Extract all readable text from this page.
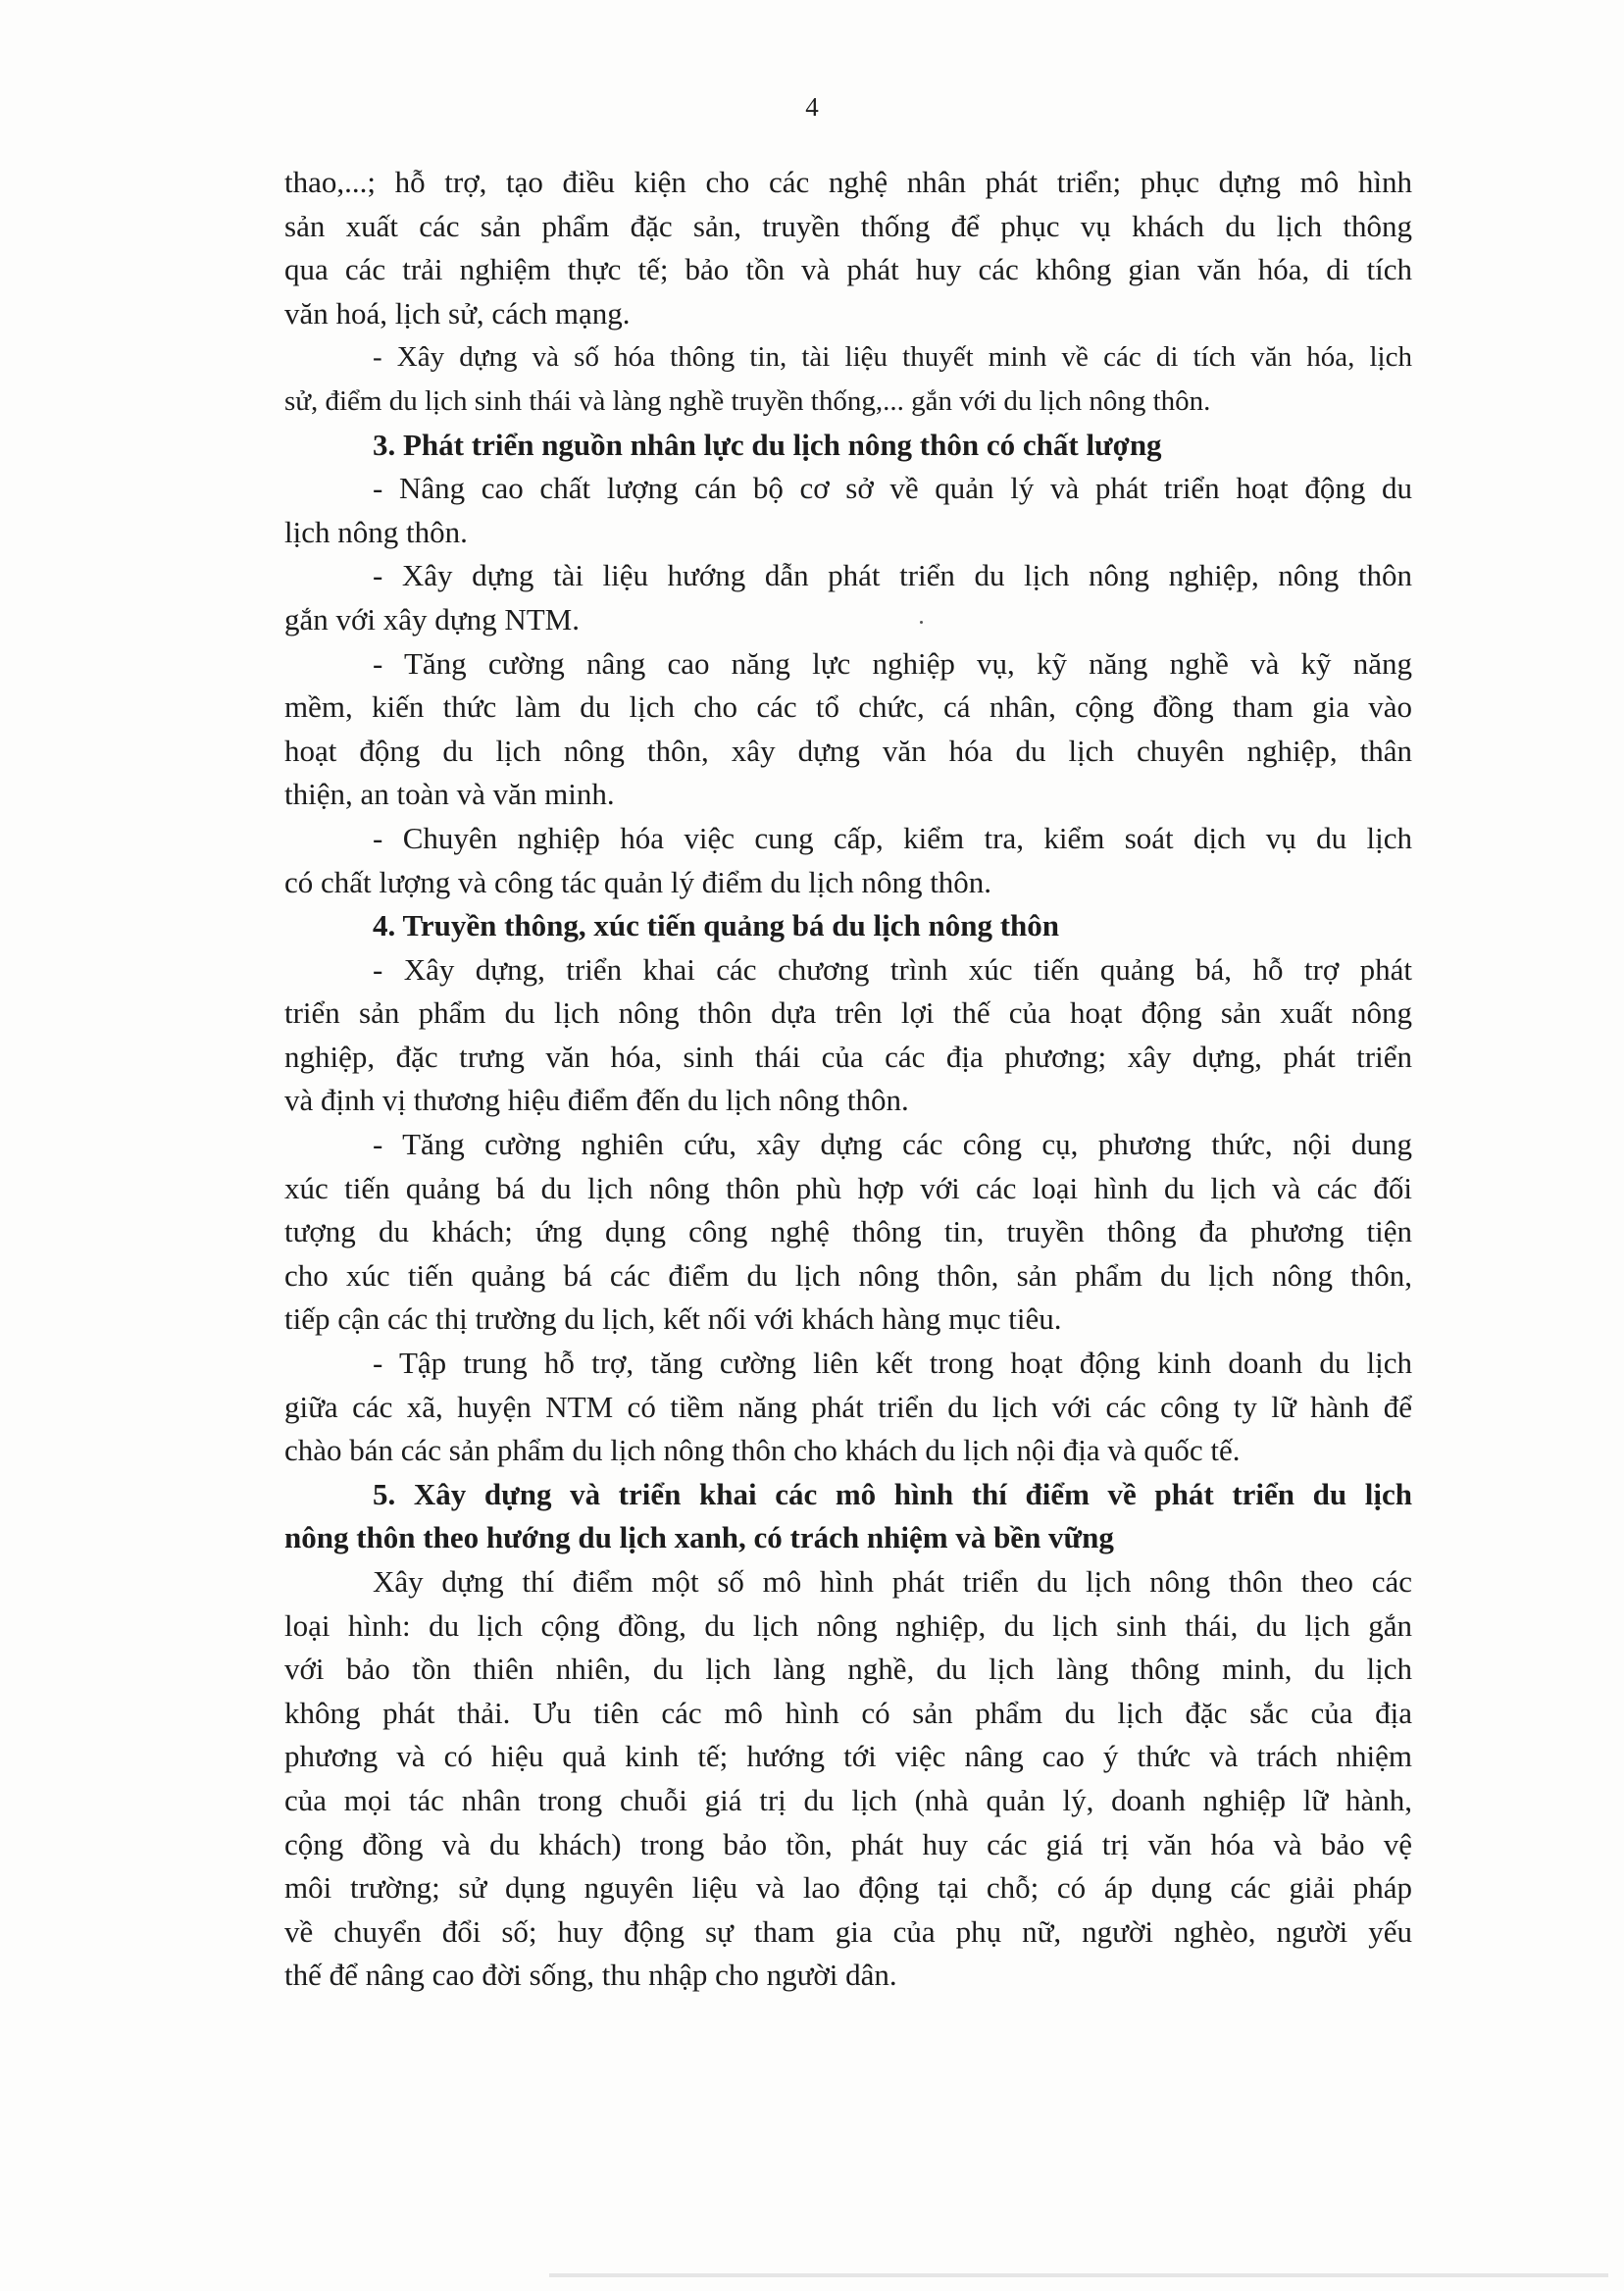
4
thao,...; hỗ trợ, tạo điều kiện cho các nghệ nhân phát triển; phục dựng mô hình
sản xuất các sản phẩm đặc sản, truyền thống để phục vụ khách du lịch thông
qua các trải nghiệm thực tế; bảo tồn và phát huy các không gian văn hóa, di tích
văn hoá, lịch sử, cách mạng.
- Xây dựng và số hóa thông tin, tài liệu thuyết minh về các di tích văn hóa, lịch
sử, điểm du lịch sinh thái và làng nghề truyền thống,... gắn với du lịch nông thôn.
3. Phát triển nguồn nhân lực du lịch nông thôn có chất lượng
- Nâng cao chất lượng cán bộ cơ sở về quản lý và phát triển hoạt động du
lịch nông thôn.
- Xây dựng tài liệu hướng dẫn phát triển du lịch nông nghiệp, nông thôn
gắn với xây dựng NTM.
- Tăng cường nâng cao năng lực nghiệp vụ, kỹ năng nghề và kỹ năng
mềm, kiến thức làm du lịch cho các tổ chức, cá nhân, cộng đồng tham gia vào
hoạt động du lịch nông thôn, xây dựng văn hóa du lịch chuyên nghiệp, thân
thiện, an toàn và văn minh.
- Chuyên nghiệp hóa việc cung cấp, kiểm tra, kiểm soát dịch vụ du lịch
có chất lượng và công tác quản lý điểm du lịch nông thôn.
4. Truyền thông, xúc tiến quảng bá du lịch nông thôn
- Xây dựng, triển khai các chương trình xúc tiến quảng bá, hỗ trợ phát
triển sản phẩm du lịch nông thôn dựa trên lợi thế của hoạt động sản xuất nông
nghiệp, đặc trưng văn hóa, sinh thái của các địa phương; xây dựng, phát triển
và định vị thương hiệu điểm đến du lịch nông thôn.
- Tăng cường nghiên cứu, xây dựng các công cụ, phương thức, nội dung
xúc tiến quảng bá du lịch nông thôn phù hợp với các loại hình du lịch và các đối
tượng du khách; ứng dụng công nghệ thông tin, truyền thông đa phương tiện
cho xúc tiến quảng bá các điểm du lịch nông thôn, sản phẩm du lịch nông thôn,
tiếp cận các thị trường du lịch, kết nối với khách hàng mục tiêu.
- Tập trung hỗ trợ, tăng cường liên kết trong hoạt động kinh doanh du lịch
giữa các xã, huyện NTM có tiềm năng phát triển du lịch với các công ty lữ hành để
chào bán các sản phẩm du lịch nông thôn cho khách du lịch nội địa và quốc tế.
5. Xây dựng và triển khai các mô hình thí điểm về phát triển du lịch
nông thôn theo hướng du lịch xanh, có trách nhiệm và bền vững
Xây dựng thí điểm một số mô hình phát triển du lịch nông thôn theo các
loại hình: du lịch cộng đồng, du lịch nông nghiệp, du lịch sinh thái, du lịch gắn
với bảo tồn thiên nhiên, du lịch làng nghề, du lịch làng thông minh, du lịch
không phát thải. Ưu tiên các mô hình có sản phẩm du lịch đặc sắc của địa
phương và có hiệu quả kinh tế; hướng tới việc nâng cao ý thức và trách nhiệm
của mọi tác nhân trong chuỗi giá trị du lịch (nhà quản lý, doanh nghiệp lữ hành,
cộng đồng và du khách) trong bảo tồn, phát huy các giá trị văn hóa và bảo vệ
môi trường; sử dụng nguyên liệu và lao động tại chỗ; có áp dụng các giải pháp
về chuyển đổi số; huy động sự tham gia của phụ nữ, người nghèo, người yếu
thế để nâng cao đời sống, thu nhập cho người dân.
